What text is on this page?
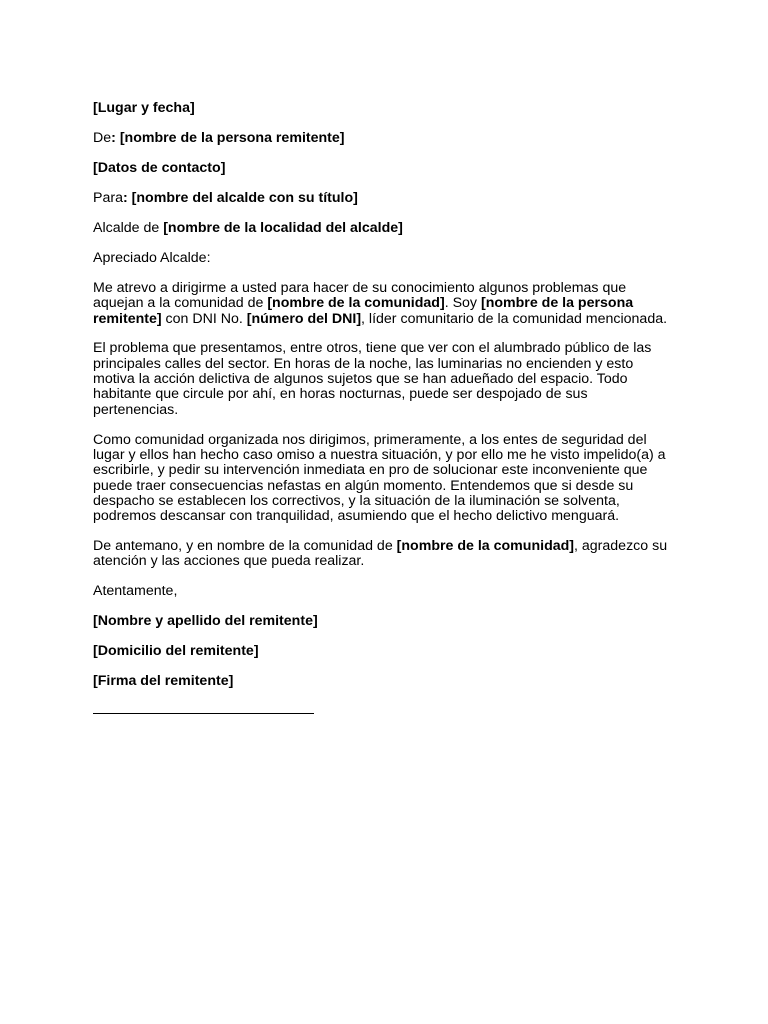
[Lugar y fecha]

De: [nombre de la persona remitente]

[Datos de contacto]

Para: [nombre del alcalde con su título]

Alcalde de [nombre de la localidad del alcalde]

Apreciado Alcalde:

Me atrevo a dirigirme a usted para hacer de su conocimiento algunos problemas que aquejan a la comunidad de [nombre de la comunidad]. Soy [nombre de la persona remitente] con DNI No. [número del DNI], líder comunitario de la comunidad mencionada.

El problema que presentamos, entre otros, tiene que ver con el alumbrado público de las principales calles del sector. En horas de la noche, las luminarias no encienden y esto motiva la acción delictiva de algunos sujetos que se han adueñado del espacio. Todo habitante que circule por ahí, en horas nocturnas, puede ser despojado de sus pertenencias.

Como comunidad organizada nos dirigimos, primeramente, a los entes de seguridad del lugar y ellos han hecho caso omiso a nuestra situación, y por ello me he visto impelido(a) a escribirle, y pedir su intervención inmediata en pro de solucionar este inconveniente que puede traer consecuencias nefastas en algún momento. Entendemos que si desde su despacho se establecen los correctivos, y la situación de la iluminación se solventa, podremos descansar con tranquilidad, asumiendo que el hecho delictivo menguará.

De antemano, y en nombre de la comunidad de [nombre de la comunidad], agradezco su atención y las acciones que pueda realizar.

Atentamente,

[Nombre y apellido del remitente]

[Domicilio del remitente]

[Firma del remitente]
